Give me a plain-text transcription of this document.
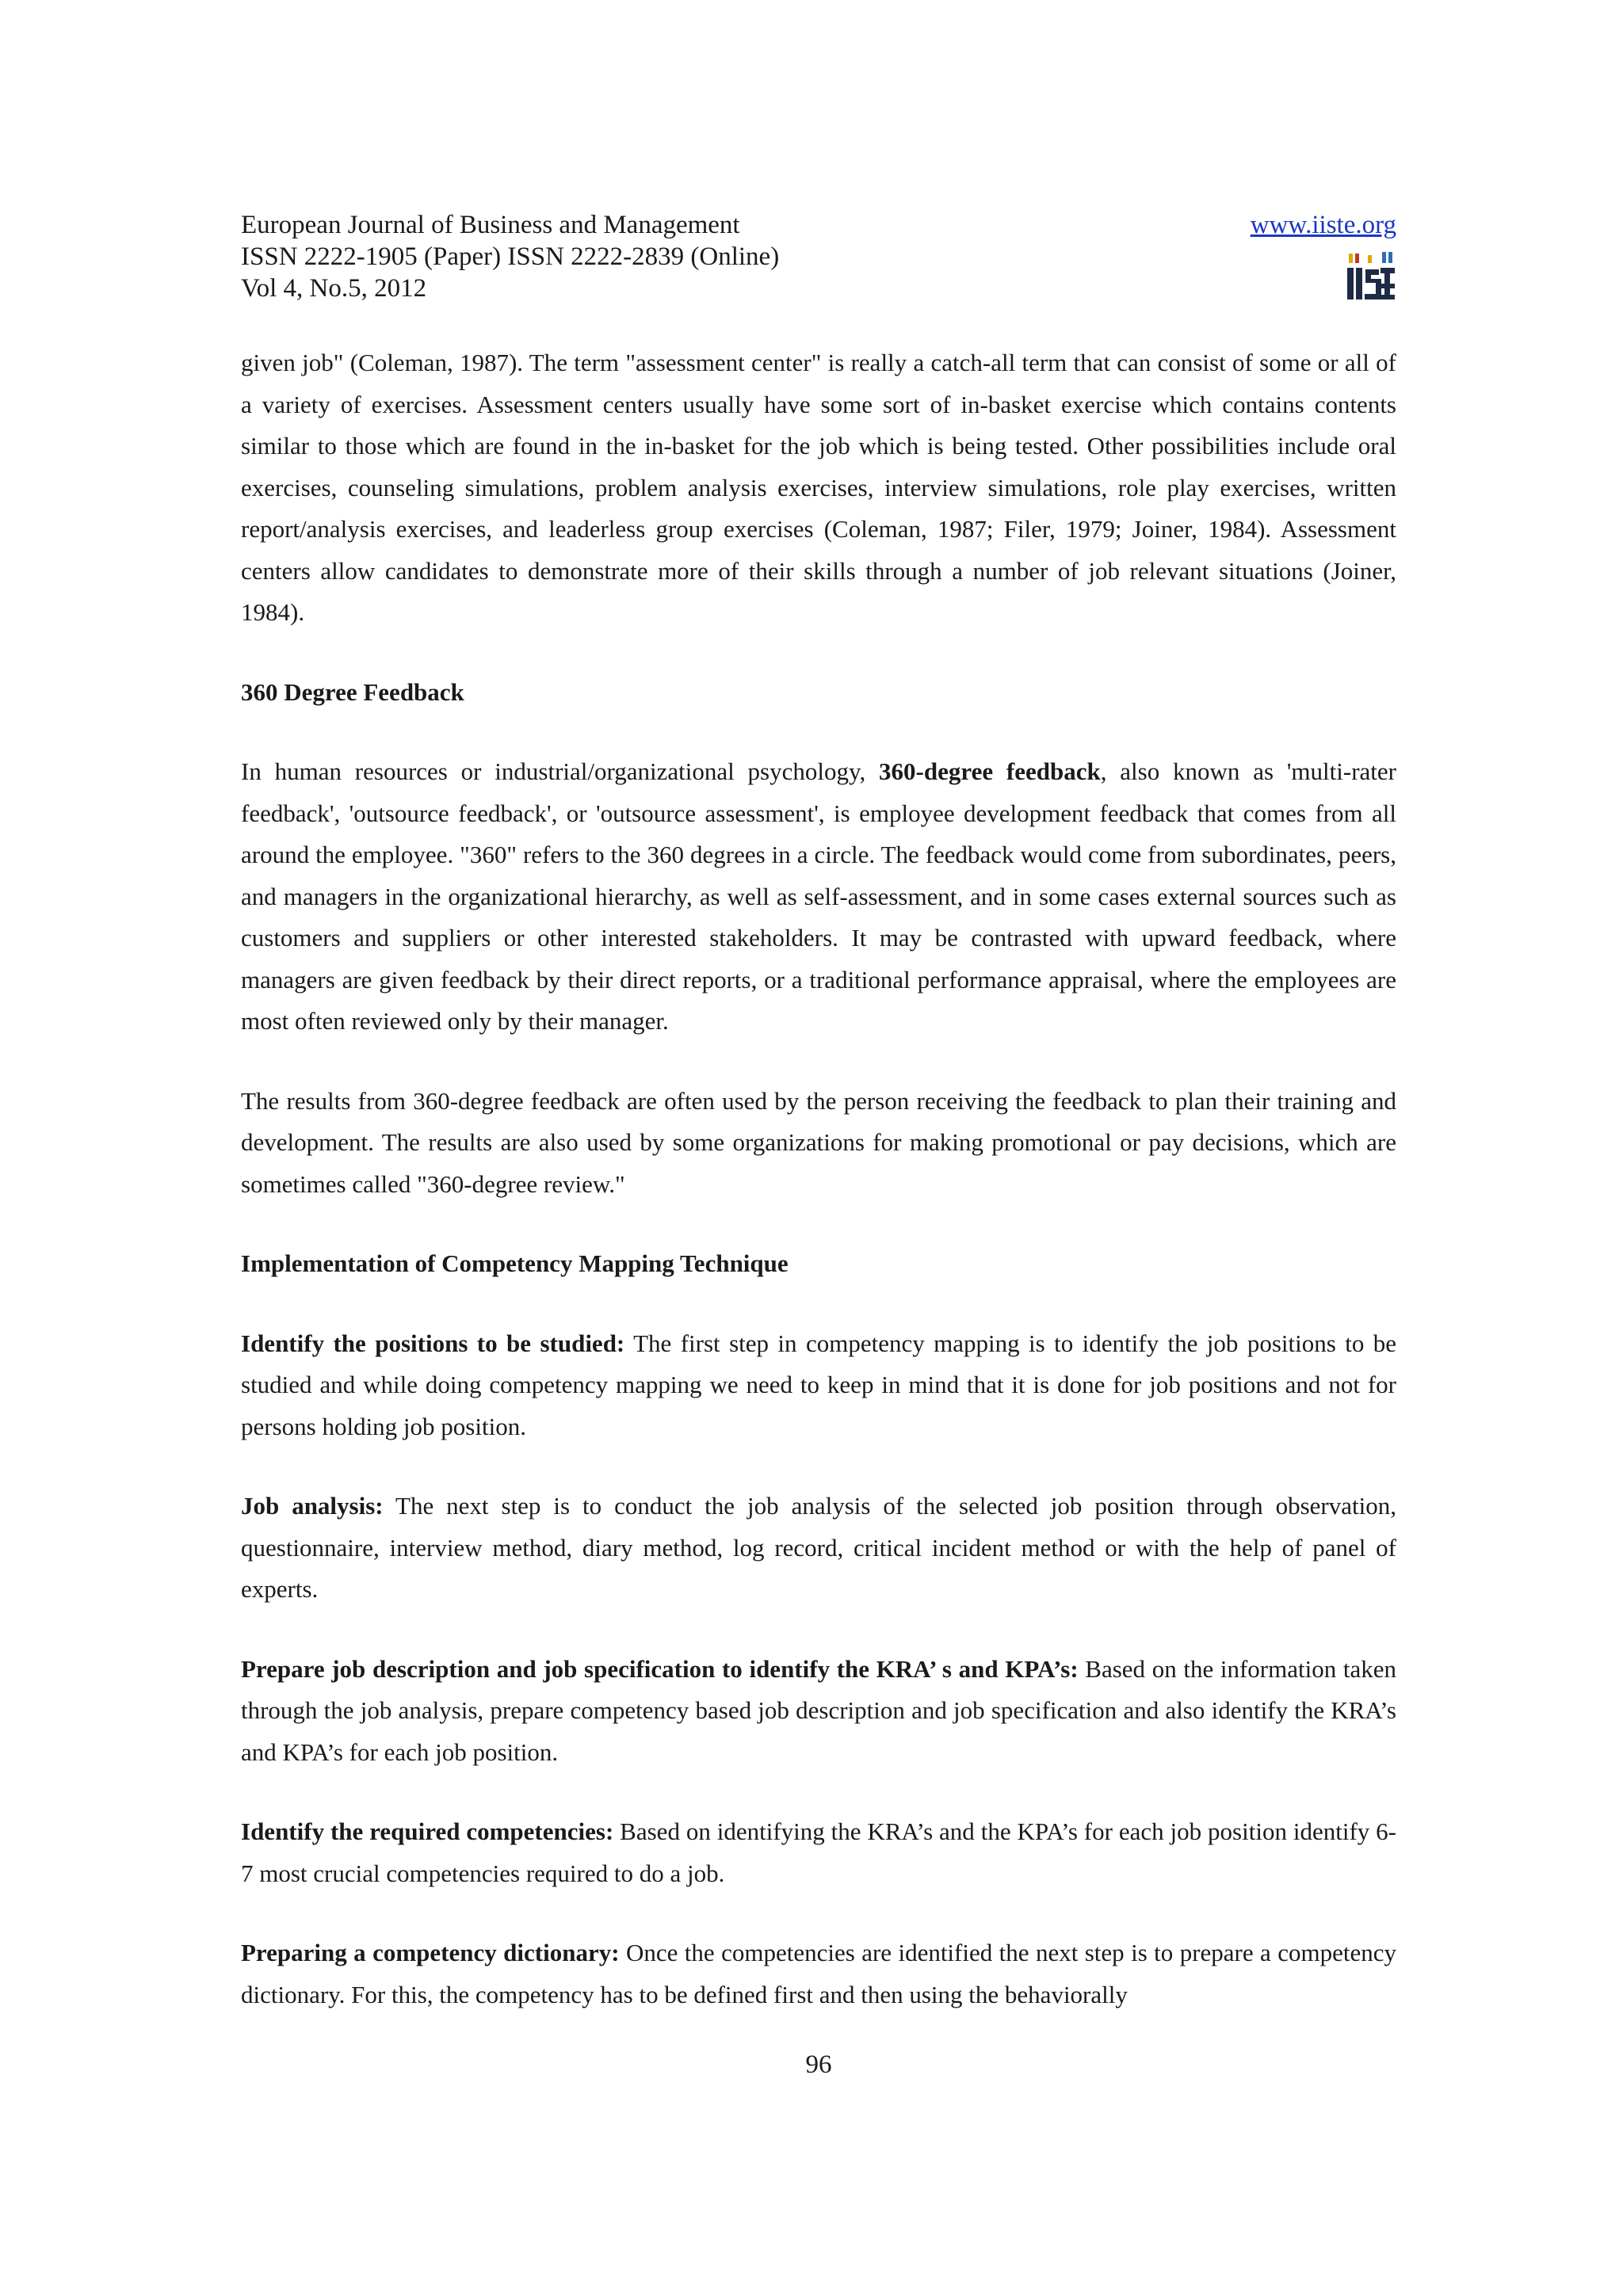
European Journal of Business and Management
ISSN 2222-1905 (Paper) ISSN 2222-2839 (Online)
Vol 4, No.5, 2012
www.iiste.org

given job" (Coleman, 1987). The term "assessment center" is really a catch-all term that can consist of some or all of a variety of exercises. Assessment centers usually have some sort of in-basket exercise which contains contents similar to those which are found in the in-basket for the job which is being tested. Other possibilities include oral exercises, counseling simulations, problem analysis exercises, interview simulations, role play exercises, written report/analysis exercises, and leaderless group exercises (Coleman, 1987; Filer, 1979; Joiner, 1984). Assessment centers allow candidates to demonstrate more of their skills through a number of job relevant situations (Joiner, 1984).

360 Degree Feedback

In human resources or industrial/organizational psychology, 360-degree feedback, also known as 'multi-rater feedback', 'outsource feedback', or 'outsource assessment', is employee development feedback that comes from all around the employee. "360" refers to the 360 degrees in a circle. The feedback would come from subordinates, peers, and managers in the organizational hierarchy, as well as self-assessment, and in some cases external sources such as customers and suppliers or other interested stakeholders. It may be contrasted with upward feedback, where managers are given feedback by their direct reports, or a traditional performance appraisal, where the employees are most often reviewed only by their manager.

The results from 360-degree feedback are often used by the person receiving the feedback to plan their training and development. The results are also used by some organizations for making promotional or pay decisions, which are sometimes called "360-degree review."

Implementation of Competency Mapping Technique

Identify the positions to be studied: The first step in competency mapping is to identify the job positions to be studied and while doing competency mapping we need to keep in mind that it is done for job positions and not for persons holding job position.

Job analysis: The next step is to conduct the job analysis of the selected job position through observation, questionnaire, interview method, diary method, log record, critical incident method or with the help of panel of experts.

Prepare job description and job specification to identify the KRA’ s and KPA’s: Based on the information taken through the job analysis, prepare competency based job description and job specification and also identify the KRA’s and KPA’s for each job position.

Identify the required competencies: Based on identifying the KRA’s and the KPA’s for each job position identify 6-7 most crucial competencies required to do a job.

Preparing a competency dictionary: Once the competencies are identified the next step is to prepare a competency dictionary. For this, the competency has to be defined first and then using the behaviorally

96
